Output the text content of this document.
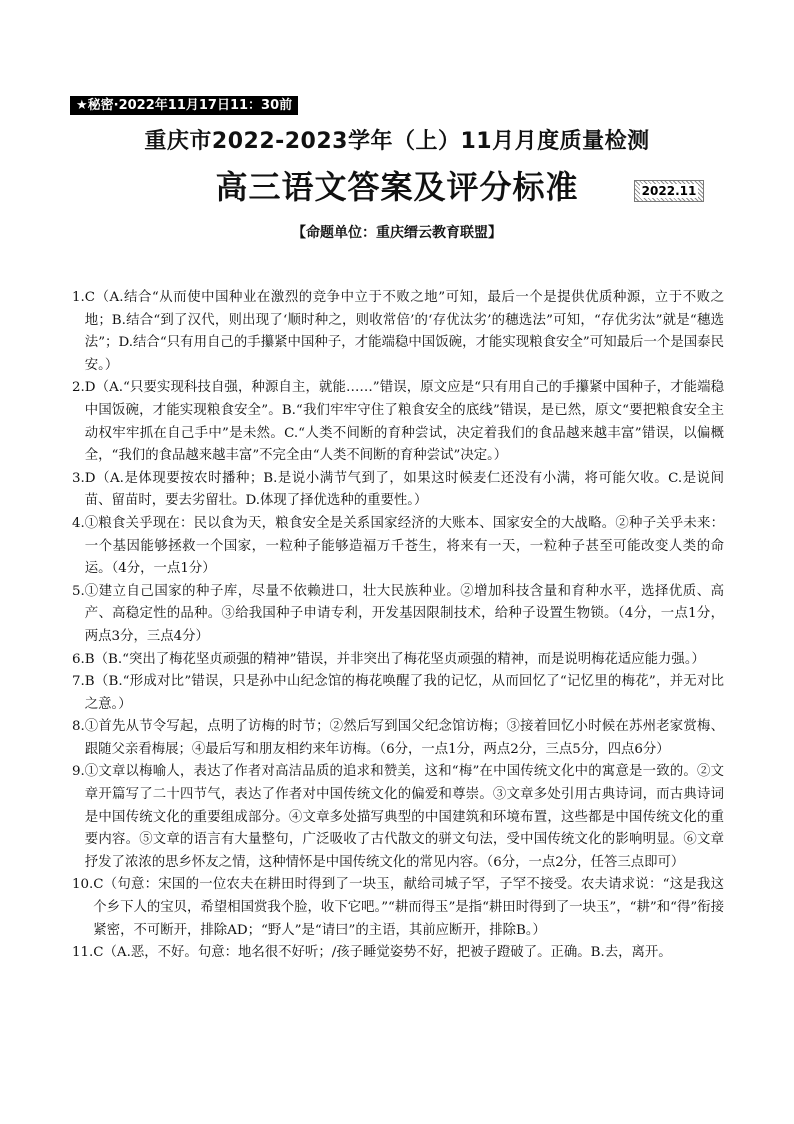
★秘密·2022年11月17日11：30前
重庆市2022-2023学年（上）11月月度质量检测
高三语文答案及评分标准	2022.11
【命题单位：重庆缙云教育联盟】
1. C（A.结合“从而使中国种业在激烈的竞争中立于不败之地”可知，最后一个是提供优质种源，立于不败之地；B.结合“到了汉代，则出现了‘顺时种之，则收常倍’的‘存优汰劣’的穗选法”可知，“存优劣汰”就是“穗选法”；D.结合“只有用自己的手攥紧中国种子，才能端稳中国饭碗，才能实现粮食安全”可知最后一个是国泰民安。）
2. D（A.“只要实现科技自强，种源自主，就能……”错误，原文应是“只有用自己的手攥紧中国种子，才能端稳中国饭碗，才能实现粮食安全”。B.“我们牢牢守住了粮食安全的底线”错误，是已然，原文“要把粮食安全主动权牢牢抓在自己手中”是未然。C.“人类不间断的育种尝试，决定着我们的食品越来越丰富”错误，以偏概全，“我们的食品越来越丰富”不完全由“人类不间断的育种尝试”决定。）
3. D（A.是体现要按农时播种；B.是说小满节气到了，如果这时候麦仁还没有小满，将可能欠收。C.是说间苗、留苗时，要去劣留壮。D.体现了择优选种的重要性。）
4. ①粮食关乎现在：民以食为天，粮食安全是关系国家经济的大账本、国家安全的大战略。②种子关乎未来：一个基因能够拯救一个国家，一粒种子能够造福万千苍生，将来有一天，一粒种子甚至可能改变人类的命运。（4分，一点1分）
5. ①建立自己国家的种子库，尽量不依赖进口，壮大民族种业。②增加科技含量和育种水平，选择优质、高产、高稳定性的品种。③给我国种子申请专利，开发基因限制技术，给种子设置生物锁。（4分，一点1分，两点3分，三点4分）
6. B（B.“突出了梅花坚贞顽强的精神”错误，并非突出了梅花坚贞顽强的精神，而是说明梅花适应能力强。）
7. B（B.“形成对比”错误，只是孙中山纪念馆的梅花唤醒了我的记忆，从而回忆了“记忆里的梅花”，并无对比之意。）
8. ①首先从节令写起，点明了访梅的时节；②然后写到国父纪念馆访梅；③接着回忆小时候在苏州老家赏梅、跟随父亲看梅展；④最后写和朋友相约来年访梅。（6分，一点1分，两点2分，三点5分，四点6分）
9. ①文章以梅喻人，表达了作者对高洁品质的追求和赞美，这和“梅”在中国传统文化中的寓意是一致的。②文章开篇写了二十四节气，表达了作者对中国传统文化的偏爱和尊崇。③文章多处引用古典诗词，而古典诗词是中国传统文化的重要组成部分。④文章多处描写典型的中国建筑和环境布置，这些都是中国传统文化的重要内容。⑤文章的语言有大量整句，广泛吸收了古代散文的骈文句法，受中国传统文化的影响明显。⑥文章抒发了浓浓的思乡怀友之情，这种情怀是中国传统文化的常见内容。（6分，一点2分，任答三点即可）
10. C（句意：宋国的一位农夫在耕田时得到了一块玉，献给司城子罕，子罕不接受。农夫请求说：“这是我这个乡下人的宝贝，希望相国赏我个脸，收下它吧。”“耕而得玉”是指“耕田时得到了一块玉”，“耕”和“得”衔接紧密，不可断开，排除AD；“野人”是“请曰”的主语，其前应断开，排除B。）
11. C（A.恶，不好。句意：地名很不好听；/孩子睡觉姿势不好，把被子蹬破了。正确。B.去，离开。
